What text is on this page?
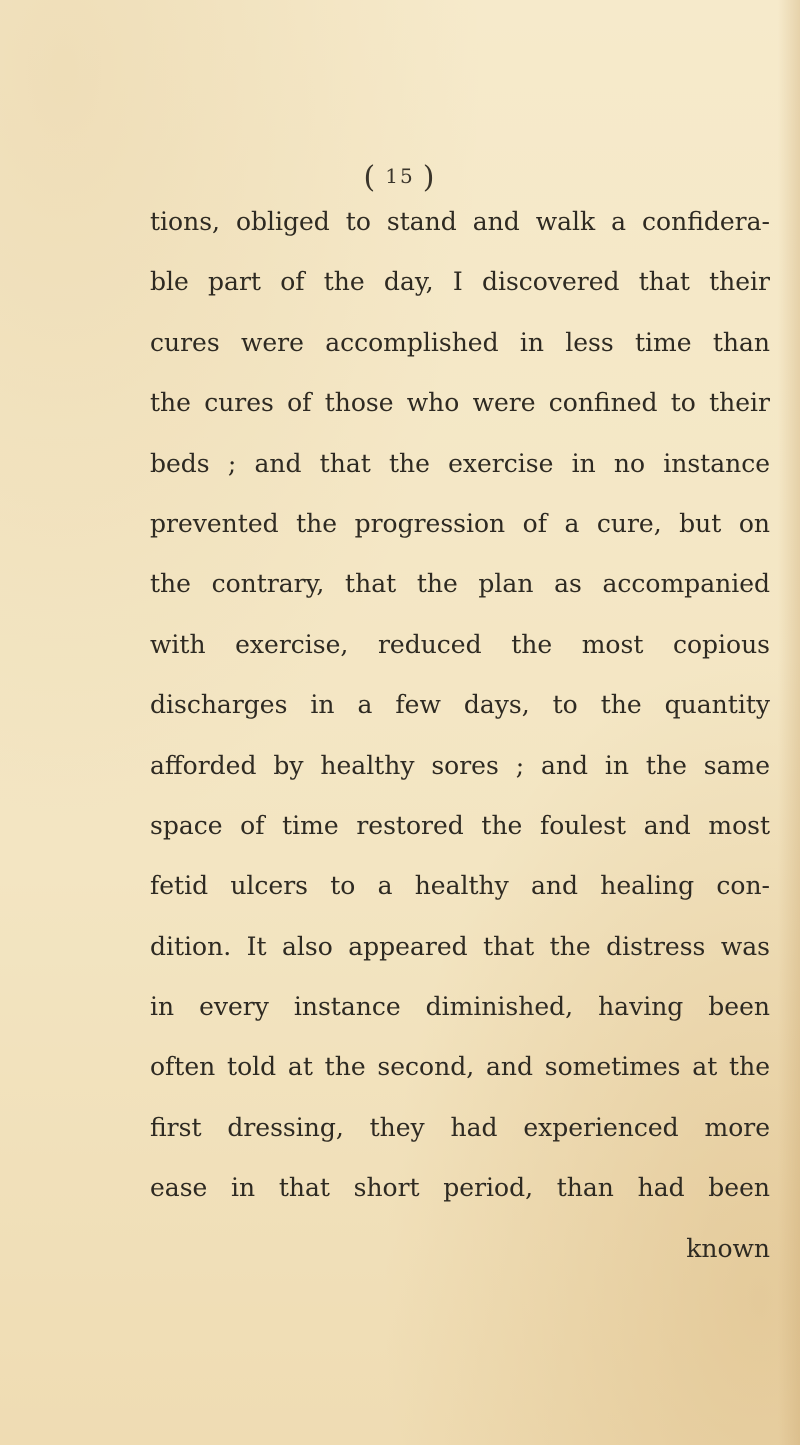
( 15 )
tions, obliged to stand and walk a confidera-
ble part of the day, I discovered that their
cures were accomplished in less time than
the cures of those who were confined to their
beds ; and that the exercise in no instance
prevented the progression of a cure, but on
the contrary, that the plan as accompanied
with exercise, reduced the most copious
discharges in a few days, to the quantity
afforded by healthy sores ; and in the same
space of time restored the foulest and most
fetid ulcers to a healthy and healing con-
dition. It also appeared that the distress was
in every instance diminished, having been
often told at the second, and sometimes at the
first dressing, they had experienced more
ease in that short period, than had been
known
